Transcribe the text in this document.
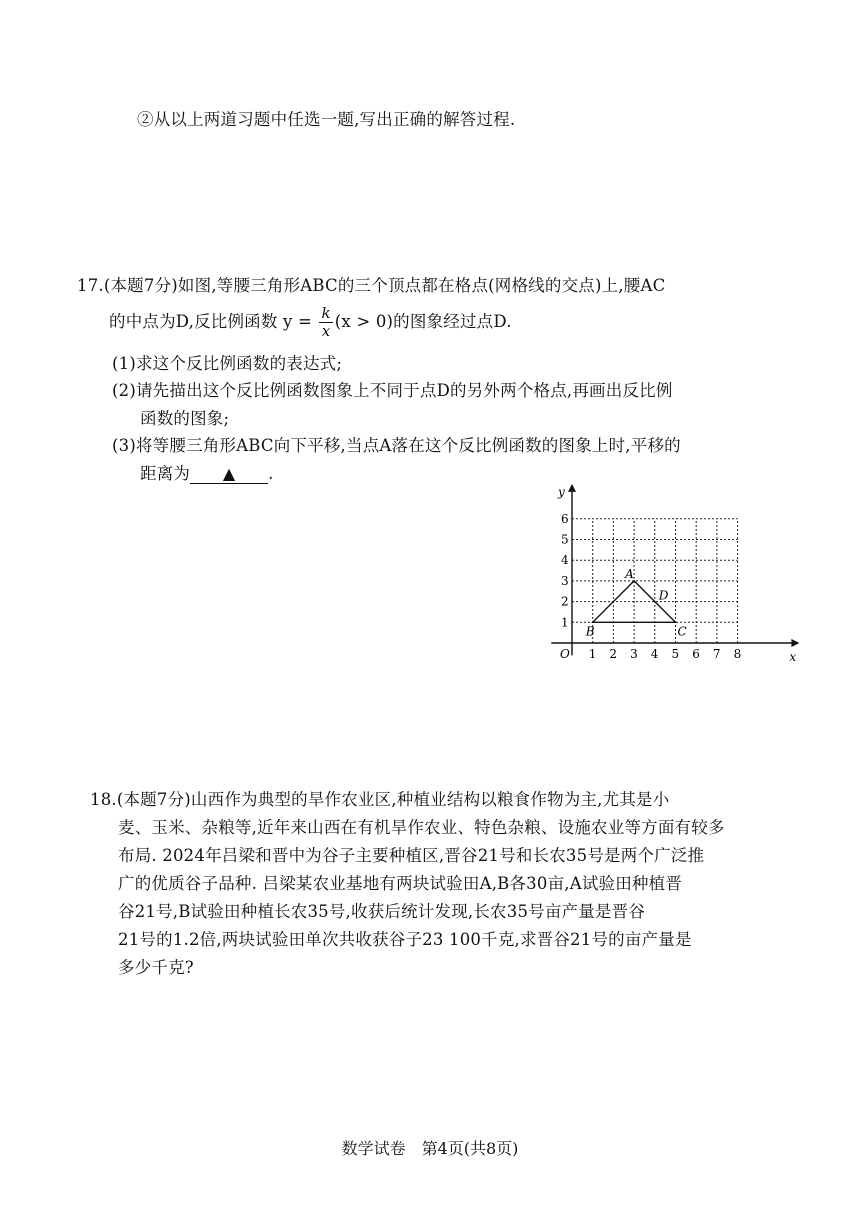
②从以上两道习题中任选一题,写出正确的解答过程.
17.(本题7分)如图,等腰三角形ABC的三个顶点都在格点(网格线的交点)上,腰AC
的中点为D,反比例函数 $y = \frac{k}{x} (x > 0)$的图象经过点D.
(1)求这个反比例函数的表达式;
(2)请先描出这个反比例函数图象上不同于点D的另外两个格点,再画出反比例
函数的图象;
(3)将等腰三角形ABC向下平移,当点A落在这个反比例函数的图象上时,平移的
距离为 ▲ .
x
y
O 1 2 3 4 5 6 7 8
1
2
3
4
5
6
A
B	C
D
18.(本题7分)山西作为典型的旱作农业区,种植业结构以粮食作物为主,尤其是小
麦、玉米、杂粮等,近年来山西在有机旱作农业、特色杂粮、设施农业等方面有较多
布局. 2024年吕梁和晋中为谷子主要种植区,晋谷21号和长农35号是两个广泛推
广的优质谷子品种. 吕梁某农业基地有两块试验田A,B各30亩,A试验田种植晋
谷21号,B试验田种植长农35号,收获后统计发现,长农35号亩产量是晋谷
21号的1.2倍,两块试验田单次共收获谷子23 100千克,求晋谷21号的亩产量是
多少千克?
数学试卷　第4页(共8页)
